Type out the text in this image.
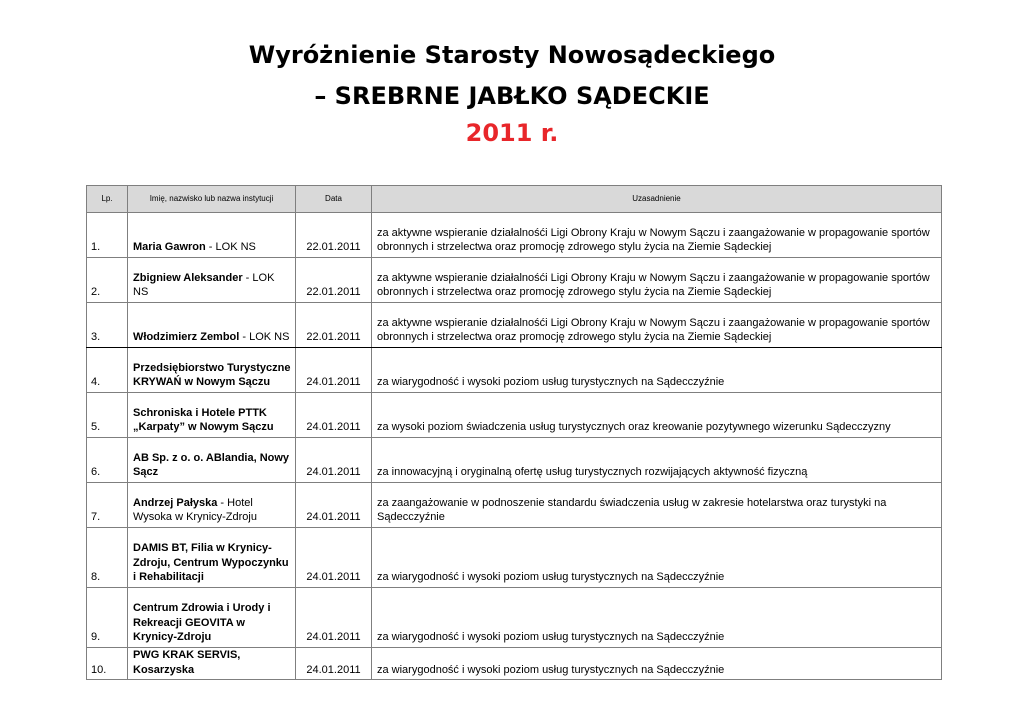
Wyróżnienie Starosty Nowosądeckiego
– SREBRNE JABŁKO SĄDECKIE
2011 r.
Lp.	Imię, nazwisko lub nazwa instytucji	Data	Uzasadnienie
1.	Maria Gawron - LOK NS	22.01.2011	za aktywne wspieranie działalnośći Ligi Obrony Kraju w Nowym Sączu i zaangażowanie w propagowanie sportów obronnych i strzelectwa oraz promocję zdrowego stylu życia na Ziemie Sądeckiej
2.	Zbigniew Aleksander - LOK NS	22.01.2011	za aktywne wspieranie działalnośći Ligi Obrony Kraju w Nowym Sączu i zaangażowanie w propagowanie sportów obronnych i strzelectwa oraz promocję zdrowego stylu życia na Ziemie Sądeckiej
3.	Włodzimierz Zembol - LOK NS	22.01.2011	za aktywne wspieranie działalnośći Ligi Obrony Kraju w Nowym Sączu i zaangażowanie w propagowanie sportów obronnych i strzelectwa oraz promocję zdrowego stylu życia na Ziemie Sądeckiej
4.	Przedsiębiorstwo Turystyczne KRYWAŃ w Nowym Sączu	24.01.2011	za wiarygodność i wysoki poziom usług turystycznych na Sądecczyźnie
5.	Schroniska i Hotele PTTK „Karpaty” w Nowym Sączu	24.01.2011	za wysoki poziom świadczenia usług turystycznych oraz kreowanie pozytywnego wizerunku Sądecczyzny
6.	AB Sp. z o. o. ABlandia, Nowy Sącz	24.01.2011	za innowacyjną i oryginalną ofertę usług turystycznych rozwijających aktywność fizyczną
7.	Andrzej Pałyska - Hotel Wysoka w Krynicy-Zdroju	24.01.2011	za zaangażowanie w podnoszenie standardu świadczenia usług w zakresie hotelarstwa oraz turystyki na Sądecczyźnie
8.	DAMIS BT, Filia w Krynicy-Zdroju, Centrum Wypoczynku i Rehabilitacji	24.01.2011	za wiarygodność i wysoki poziom usług turystycznych na Sądecczyźnie
9.	Centrum Zdrowia i Urody i Rekreacji GEOVITA w Krynicy-Zdroju	24.01.2011	za wiarygodność i wysoki poziom usług turystycznych na Sądecczyźnie
10.	PWG KRAK SERVIS, Kosarzyska	24.01.2011	za wiarygodność i wysoki poziom usług turystycznych na Sądecczyźnie
